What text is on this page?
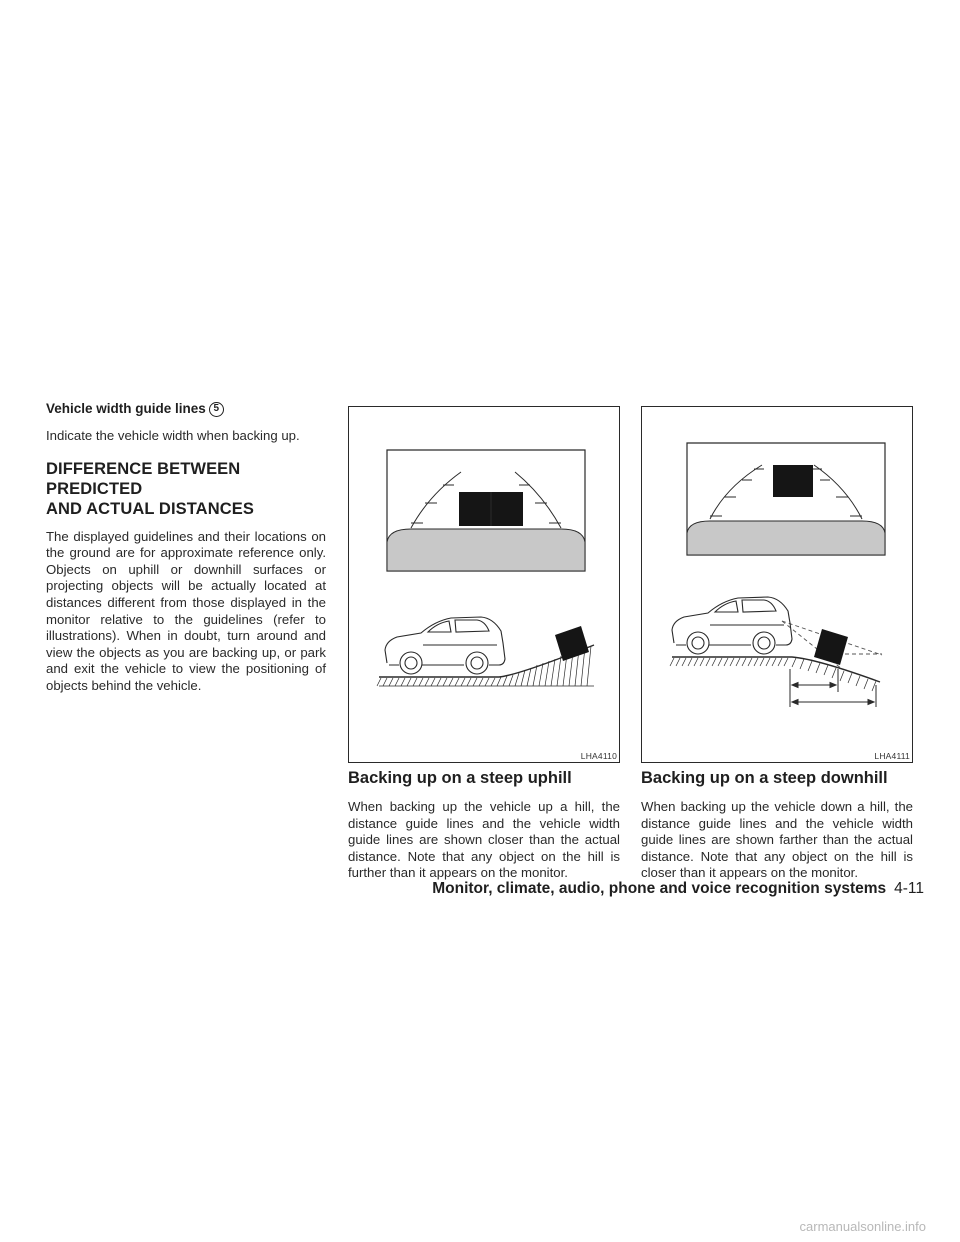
Vehicle width guide lines 5

Indicate the vehicle width when backing up.

DIFFERENCE BETWEEN PREDICTED
AND ACTUAL DISTANCES

The displayed guidelines and their locations on the ground are for approximate reference only. Objects on uphill or downhill surfaces or projecting objects will be actually located at distances different from those displayed in the monitor relative to the guidelines (refer to illustrations). When in doubt, turn around and view the objects as you are backing up, or park and exit the vehicle to view the positioning of objects behind the vehicle.

LHA4110	LHA4111
Backing up on a steep uphill

When backing up the vehicle up a hill, the distance guide lines and the vehicle width guide lines are shown closer than the actual distance. Note that any object on the hill is further than it appears on the monitor.

Backing up on a steep downhill

When backing up the vehicle down a hill, the distance guide lines and the vehicle width guide lines are shown farther than the actual distance. Note that any object on the hill is closer than it appears on the monitor.

Monitor, climate, audio, phone and voice recognition systems 4-11
carmanualsonline.info
